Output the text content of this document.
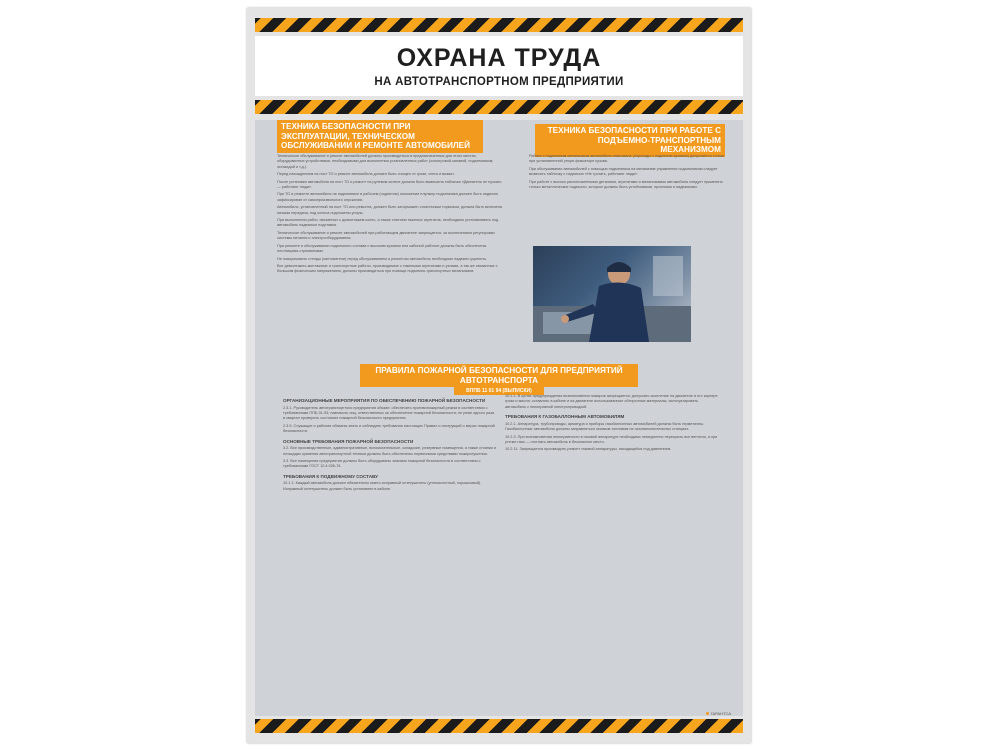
ОХРАНА ТРУДА
НА АВТОТРАНСПОРТНОМ ПРЕДПРИЯТИИ
ТЕХНИКА БЕЗОПАСНОСТИ ПРИ ЭКСПЛУАТАЦИИ, ТЕХНИЧЕСКОМ ОБСЛУЖИВАНИИ И РЕМОНТЕ АВТОМОБИЛЕЙ

Техническое обслуживание и ремонт автомобилей должны производиться в предназначенных для этого местах, оборудованных устройствами, необходимыми для выполнения установленных работ (осмотровой канавой, подъемником, эстакадой и т.д.).

Перед нахождением на пост ТО и ремонт автомобиль должен быть очищен от грязи, снега и вымыт.

После установки автомобиля на пост ТО и ремонт на рулевом колесе должна быть вывешена табличка «Двигатель не пускать — работают люди».

При ТО и ремонте автомобиля на подъемнике в рабочем (поднятом) положении плунжер подъемника должен быть надежно зафиксирован от самопроизвольного опускания.

Автомобиль, установленный на пост ТО или ремонта, должен быть заторможен стояночным тормозом, должна быть включена низшая передача, под колеса подложены упоры.

При выполнении работ, связанных с демонтажем колес, а также снятием тяжелых агрегатов, необходимо устанавливать под автомобиль надежные подставки.

Техническое обслуживание и ремонт автомобилей при работающем двигателе запрещается, за исключением регулировки системы питания и электрооборудования.

При ремонте и обслуживании подъемного состава с высоким кузовом или кабиной рабочие должны быть обеспечены лестницами-стремянками.

Не поворачивать стенды (кантователи) перед обслуживанием и ремонтом автомобиль необходимо надежно укрепить.

Все демонтажно-монтажные и транспортные работы, производимые с тяжелыми агрегатами и узлами, а так же связанные с большим физическим напряжением, должны производиться при помощи подъемно-транспортных механизмов.

ТЕХНИКА БЕЗОПАСНОСТИ ПРИ РАБОТЕ С ПОДЪЕМНО-ТРАНСПОРТНЫМ МЕХАНИЗМОМ

Работа с подъемным механизмом автомобиля самосвала (опрокиды с поднятым кузовом) допускается только при установленной упоре-фиксаторе кузова.

При обслуживании автомобилей с помощью подъемника на механизме управления подъемником следует вывесить табличку с надписью «Не трогать, работают люди».

При работе с высоко расположенными деталями, агрегатами и механизмами автомобиля следует применять только металлические подмости, которые должны быть устойчивыми, прочными и надежными.

ПРАВИЛА ПОЖАРНОЙ БЕЗОПАСНОСТИ ДЛЯ ПРЕДПРИЯТИЙ АВТОТРАНСПОРТА
ВППБ 11 01 94 (ВЫПИСКИ)
ОРГАНИЗАЦИОННЫЕ МЕРОПРИЯТИЯ ПО ОБЕСПЕЧЕНИЮ ПОЖАРНОЙ БЕЗОПАСНОСТИ

2.3.1. Руководитель автотранспортного предприятия обязан: обеспечить противопожарный режим в соответствии с требованиями ППБ-01-93; назначить лиц, ответственных за обеспечение пожарной безопасности; не реже одного раза в квартал проверять состояние пожарной безопасности предприятия.

2.3.5. Служащие и рабочие обязаны знать и соблюдать требования настоящих Правил и инструкций о мерах пожарной безопасности.

ОСНОВНЫЕ ТРЕБОВАНИЯ ПОЖАРНОЙ БЕЗОПАСНОСТИ

3.2. Все производственные, административные, вспомогательные, складские, резервные помещения, а также стоянки и площадки хранения автотранспортной техники должны быть обеспечены первичными средствами пожаротушения.

3.3. Все помещения предприятия должны быть оборудованы знаками пожарной безопасности в соответствии с требованиями ГОСТ 12.4.026-76.

ТРЕБОВАНИЯ К ПОДВИЖНОМУ СОСТАВУ

10.1.1. Каждый автомобиль должен обязательно иметь исправный огнетушитель (углекислотный, порошковый). Исправный огнетушитель должен быть установлен в кабине.

10.1.1. В целях предупреждения возникновения пожаров запрещается: допускать скопление на двигателе и его картере грязи и масла; оставлять в кабине и на двигателе использованные обтирочные материалы; эксплуатировать автомобиль с неисправной электропроводкой.

ТРЕБОВАНИЯ К ГАЗОБАЛЛОННЫМ АВТОМОБИЛЯМ

10.2.1. Аппаратура, трубопроводы, арматура и приборы газобаллонных автомобилей должны быть герметичны. Газобаллонные автомобили должны заправляться газовым топливом на газонаполнительных станциях.

10.2.3. При возникновении неисправности в газовой аппаратуре необходимо немедленно перекрыть все вентили, а при утечке газа — отогнать автомобиль в безопасное место.

10.2.11. Запрещается производить ремонт газовой аппаратуры, находящейся под давлением.

ГАРАНТСА
